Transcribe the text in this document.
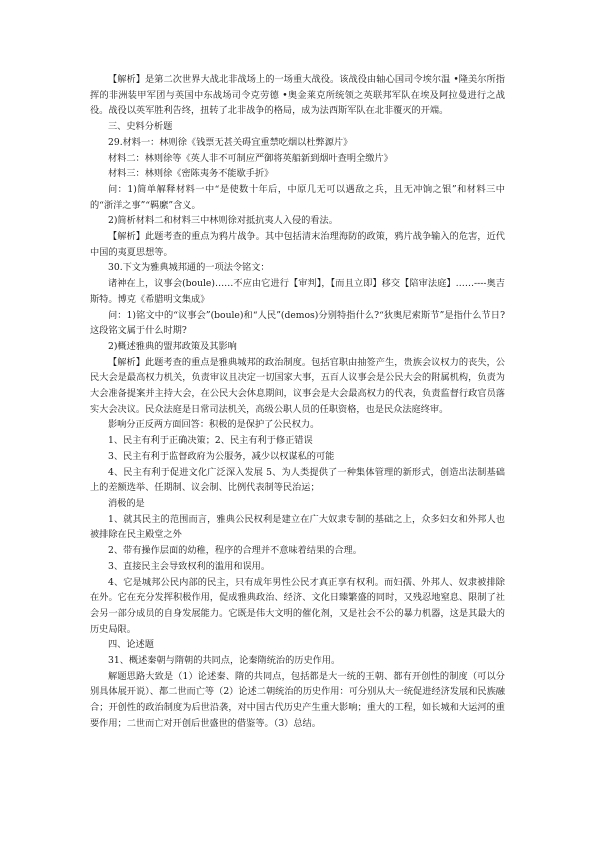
【解析】是第二次世界大战北非战场上的一场重大战役。该战役由轴心国司令埃尔温 •隆美尔所指挥的非洲装甲军团与英国中东战场司令克劳德 •奥金莱克所统领之英联邦军队在埃及阿拉曼进行之战役。战役以英军胜利告终，扭转了北非战争的格局，成为法西斯军队在北非覆灭的开端。

三、史料分析题

29.材料一：林则徐《钱票无甚关碍宜重禁吃烟以杜弊源片》

材料二：林则徐等《英人非不可制应严御将英船新到烟叶查明全缴片》

材料三：林则徐《密陈夷务不能歇手折》

问：1)简单解释材料一中“是使数十年后，中原几无可以遇敌之兵，且无冲饷之银”和材料三中的“浙洋之事”“羁縻”含义。

2)简析材料二和材料三中林则徐对抵抗夷人入侵的看法。

【解析】此题考查的重点为鸦片战争。其中包括清末治理海防的政策，鸦片战争输入的危害，近代中国的夷夏思想等。

30.下文为雅典城邦通的一项法令铭文：

诸神在上，议事会(boule)……不应由它进行【审判】，【而且立即】移交【陪审法庭】……----奥吉斯特。博克《希腊明文集成》

问：1)铭文中的“议事会”(boule)和“人民”(demos)分别特指什么?“狄奥尼索斯节”是指什么节日?这段铭文属于什么时期?

2)概述雅典的盟邦政策及其影响

【解析】此题考查的重点是雅典城邦的政治制度。包括官职由抽签产生，贵族会议权力的丧失，公民大会是最高权力机关，负责审议且决定一切国家大事，五百人议事会是公民大会的附属机构，负责为大会准备提案并主持大会，在公民大会休息期间，议事会是大会最高权力的代表，负责监督行政官员落实大会决议。民众法庭是日常司法机关，高级公职人员的任职资格，也是民众法庭终审。

影响分正反两方面回答：积极的是保护了公民权力。

1、民主有利于正确决策；2、民主有利于修正错误

3、民主有利于监督政府为公服务，减少以权谋私的可能

4、民主有利于促进文化广泛深入发展 5、为人类提供了一种集体管理的新形式，创造出法制基础上的差额选举、任期制、议会制、比例代表制等民治运；

消极的是

1、就其民主的范围而言，雅典公民权利是建立在广大奴隶专制的基础之上，众多妇女和外邦人也被排除在民主殿堂之外

2、带有操作层面的幼稚，程序的合理并不意味着结果的合理。

3、直接民主会导致权利的滥用和误用。

4、它是城邦公民内部的民主，只有成年男性公民才真正享有权利。而妇孺、外邦人、奴隶被排除在外。它在充分发挥积极作用，促成雅典政治、经济、文化日臻繁盛的同时，又残忍地窒息、限制了社会另一部分成员的自身发展能力。它既是伟大文明的催化剂，又是社会不公的暴力机器，这是其最大的历史局限。

四、论述题

31、概述秦朝与隋朝的共同点，论秦隋统治的历史作用。

解题思路大致是（1）论述秦、隋的共同点，包括都是大一统的王朝、都有开创性的制度（可以分别具体展开说）、都二世而亡等（2）论述二朝统治的历史作用：可分别从大一统促进经济发展和民族融合；开创性的政治制度为后世沿袭，对中国古代历史产生重大影响；重大的工程，如长城和大运河的重要作用；二世而亡对开创后世盛世的借鉴等。（3）总结。
